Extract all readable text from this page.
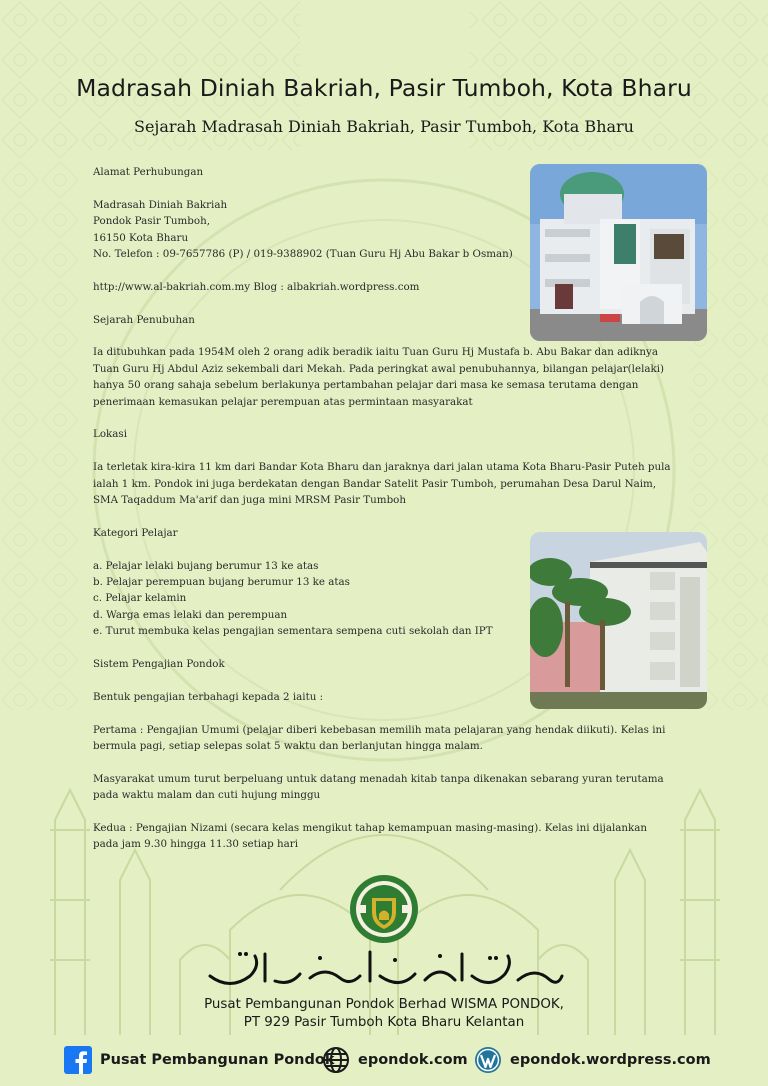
Madrasah Diniah Bakriah, Pasir Tumboh, Kota Bharu
Sejarah Madrasah Diniah Bakriah, Pasir Tumboh, Kota Bharu

Alamat Perhubungan

Madrasah Diniah Bakriah

Pondok Pasir Tumboh,

16150 Kota Bharu

No. Telefon : 09-7657786 (P) / 019-9388902 (Tuan Guru Hj Abu Bakar b Osman)

http://www.al-bakriah.com.my Blog : albakriah.wordpress.com

Sejarah Penubuhan

Ia ditubuhkan pada 1954M oleh 2 orang adik beradik iaitu Tuan Guru Hj Mustafa b. Abu Bakar dan adiknya

Tuan Guru Hj Abdul Aziz sekembali dari Mekah. Pada peringkat awal penubuhannya, bilangan pelajar(lelaki)

hanya 50 orang sahaja sebelum berlakunya pertambahan pelajar dari masa ke semasa terutama dengan

penerimaan kemasukan pelajar perempuan atas permintaan masyarakat

Lokasi

Ia terletak kira-kira 11 km dari Bandar Kota Bharu dan jaraknya dari jalan utama Kota Bharu-Pasir Puteh pula

ialah 1 km. Pondok ini juga berdekatan dengan Bandar Satelit Pasir Tumboh, perumahan Desa Darul Naim,

SMA Taqaddum Ma'arif dan juga mini MRSM Pasir Tumboh

Kategori Pelajar

a. Pelajar lelaki bujang berumur 13 ke atas

b. Pelajar perempuan bujang berumur 13 ke atas

c. Pelajar kelamin

d. Warga emas lelaki dan perempuan

e. Turut membuka kelas pengajian sementara sempena cuti sekolah dan IPT

Sistem Pengajian Pondok

Bentuk pengajian terbahagi kepada 2 iaitu :

Pertama : Pengajian Umumi (pelajar diberi kebebasan memilih mata pelajaran yang hendak diikuti). Kelas ini

bermula pagi, setiap selepas solat 5 waktu dan berlanjutan hingga malam.

Masyarakat umum turut berpeluang untuk datang menadah kitab tanpa dikenakan sebarang yuran terutama

pada waktu malam dan cuti hujung minggu

Kedua : Pengajian Nizami (secara kelas mengikut tahap kemampuan masing-masing). Kelas ini dijalankan

pada jam 9.30 hingga 11.30 setiap hari

Pusat Pembangunan Pondok Berhad WISMA PONDOK,
PT 929 Pasir Tumboh Kota Bharu Kelantan
Pusat Pembangunan Pondok epondok.com	epondok.wordpress.com
